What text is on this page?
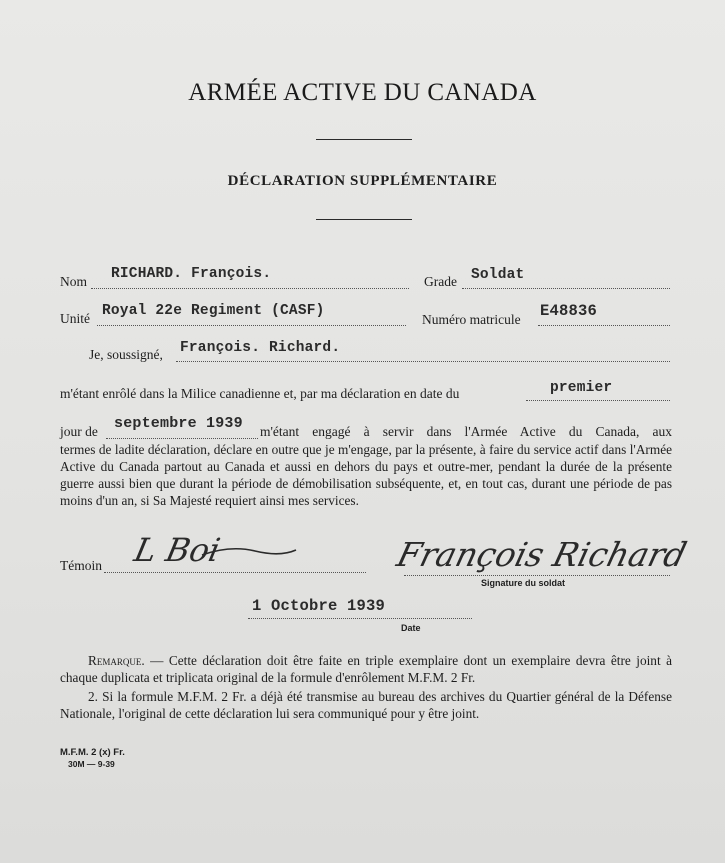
ARMÉE ACTIVE DU CANADA
DÉCLARATION SUPPLÉMENTAIRE
Nom RICHARD. François.	Grade Soldat
Unité Royal 22e Regiment (CASF)
Numéro matricule E48836
Je, soussigné, François. Richard.
m'étant enrôlé dans la Milice canadienne et, par ma déclaration en date du	premier
jour de septembre 1939 m'étant engagé à servir dans l'Armée Active du Canada, aux
termes de ladite déclaration, déclare en outre que je m'engage, par la présente, à faire du service actif dans l'Armée Active du Canada partout au Canada et aussi en dehors du pays et outre-mer, pendant la durée de la présente guerre aussi bien que durant la période de démobilisation subséquente, et, en tout cas, durant une période de pas moins d'un an, si Sa Majesté requiert ainsi mes services.
Témoin L Boi	François Richard
Signature du soldat
1 Octobre 1939
Date
Remarque. — Cette déclaration doit être faite en triple exemplaire dont un exemplaire devra être joint à chaque duplicata et triplicata original de la formule d'enrôlement M.F.M. 2 Fr.
2. Si la formule M.F.M. 2 Fr. a déjà été transmise au bureau des archives du Quartier général de la Défense Nationale, l'original de cette déclaration lui sera communiqué pour y être joint.
M.F.M. 2 (x) Fr.
30M — 9-39
